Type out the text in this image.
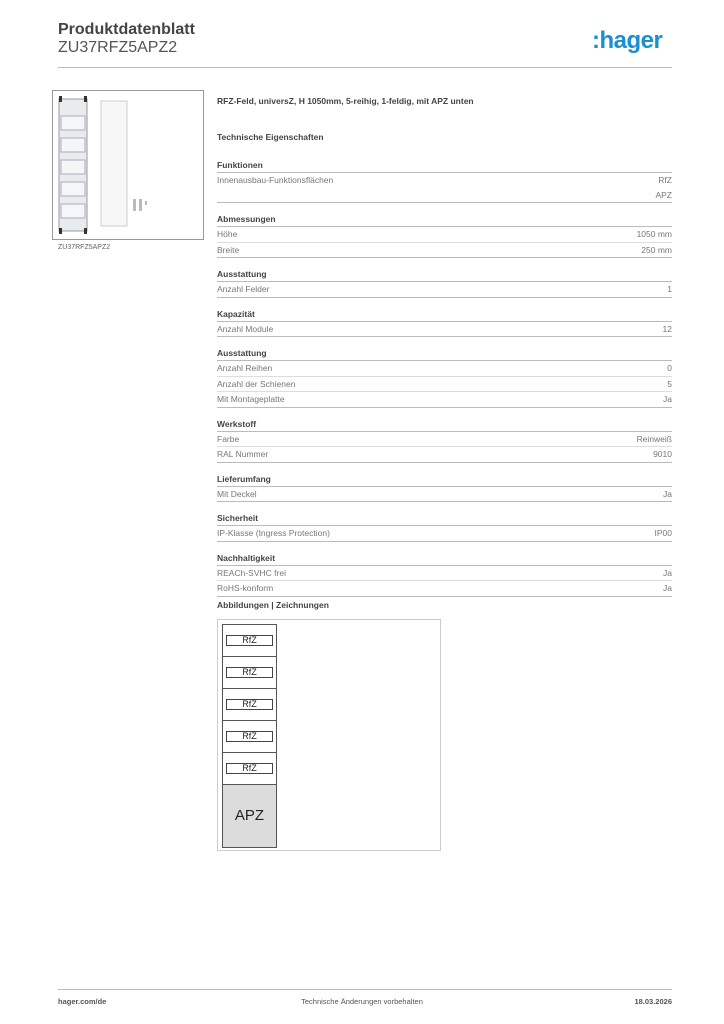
Produktdatenblatt
ZU37RFZ5APZ2	:hager
ZU37RFZ5APZ2
RFZ-Feld, universZ, H 1050mm, 5-reihig, 1-feldig, mit APZ unten
Technische Eigenschaften
Funktionen
Innenausbau-Funktionsflächen	RfZ
APZ
Abmessungen
Höhe	1050 mm
Breite	250 mm
Ausstattung
Anzahl Felder	1
Kapazität
Anzahl Module	12
Ausstattung
Anzahl Reihen	0
Anzahl der Schienen	5
Mit Montageplatte	Ja
Werkstoff
Farbe	Reinweiß
RAL Nummer	9010
Lieferumfang
Mit Deckel	Ja
Sicherheit
IP-Klasse (Ingress Protection)	IP00
Nachhaltigkeit
REACh-SVHC frei	Ja
RoHS-konform	Ja
Abbildungen | Zeichnungen
RfZ
RfZ
RfZ
RfZ
RfZ
APZ
hager.com/de	Technische Änderungen vorbehalten	18.03.2026
